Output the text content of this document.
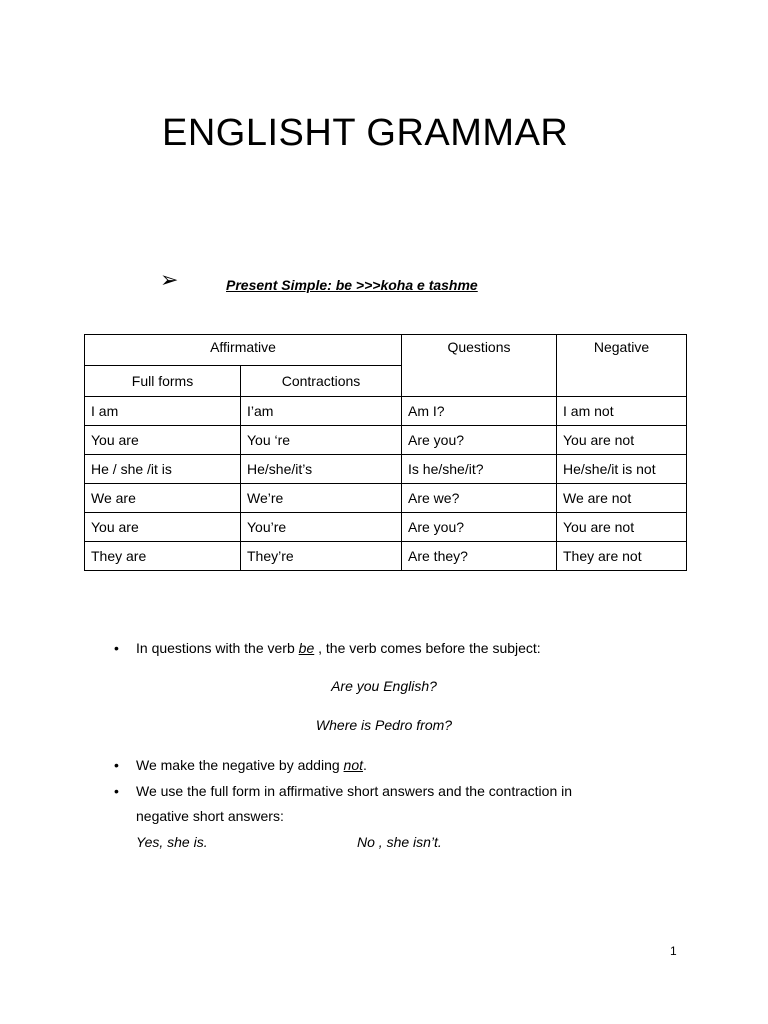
ENGLISHT GRAMMAR
➢	Present Simple: be >>>koha e tashme
Affirmative		Questions	Negative
Full forms	Contractions		
I am	I’am	Am I?	I am not
You are	You ‘re	Are you?	You are not
He / she /it is	He/she/it’s	Is he/she/it?	He/she/it is not
We are	We’re	Are we?	We are not
You are	You’re	Are you?	You are not
They are	They’re	Are they?	They are not
•	In questions with the verb be , the verb comes before the subject:
Are you English?
Where is Pedro from?
•	We make the negative by adding not.
•	We use the full form in affirmative short answers and the contraction in
negative short answers:
Yes, she is.	No , she isn’t.
1
